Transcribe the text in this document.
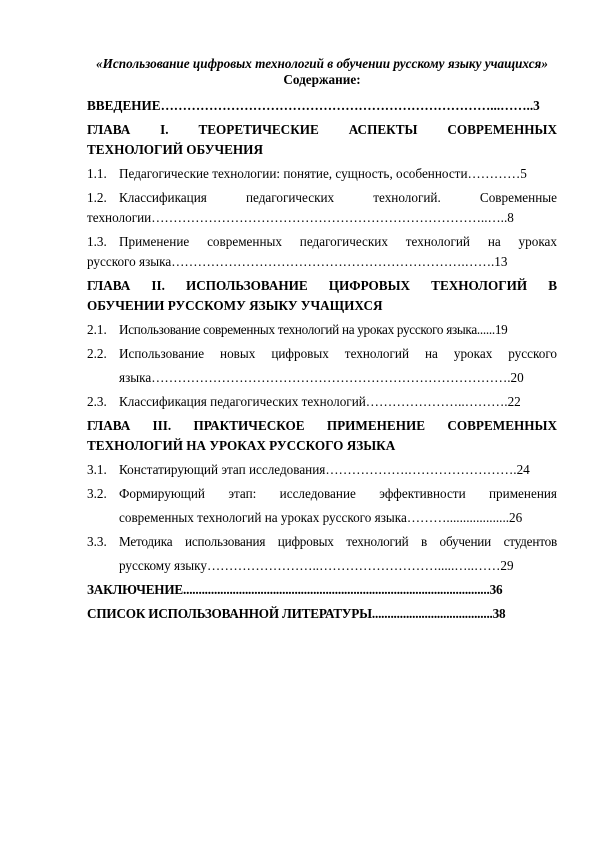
«Использование цифровых технологий в обучении русскому языку учащихся»

Содержание:

ВВЕДЕНИЕ…………………………………………………………………...……..3
ГЛАВА I. ТЕОРЕТИЧЕСКИЕ АСПЕКТЫ СОВРЕМЕННЫХ
ТЕХНОЛОГИЙ ОБУЧЕНИЯ
1.1. Педагогические технологии: понятие, сущность, особенности…………5
1.2. Классификация педагогических технологий. Современные
технологии…………………………………………………………………..…..8
1.3. Применение современных педагогических технологий на уроках
русского языка………………………………………………………….…….13
ГЛАВА II. ИСПОЛЬЗОВАНИЕ ЦИФРОВЫХ ТЕХНОЛОГИЙ В
ОБУЧЕНИИ РУССКОМУ ЯЗЫКУ УЧАЩИХСЯ
2.1. Использование современных технологий на уроках русского языка......19
2.2. Использование новых цифровых технологий на уроках русского
языка……………………………………………………………………….20
2.3. Классификация педагогических технологий…………………..……….22
ГЛАВА III. ПРАКТИЧЕСКОЕ ПРИМЕНЕНИЕ СОВРЕМЕННЫХ
ТЕХНОЛОГИЙ НА УРОКАХ РУССКОГО ЯЗЫКА
3.1. Констатирующий этап исследования……………….…………………….24
3.2. Формирующий этап: исследование эффективности применения
современных технологий на уроках русского языка………...................26
3.3. Методика использования цифровых технологий в обучении студентов
русскому языку……………………..……………………….....…..……29
ЗАКЛЮЧЕНИЕ...................................................................................................36
СПИСОК ИСПОЛЬЗОВАННОЙ ЛИТЕРАТУРЫ.......................................38
